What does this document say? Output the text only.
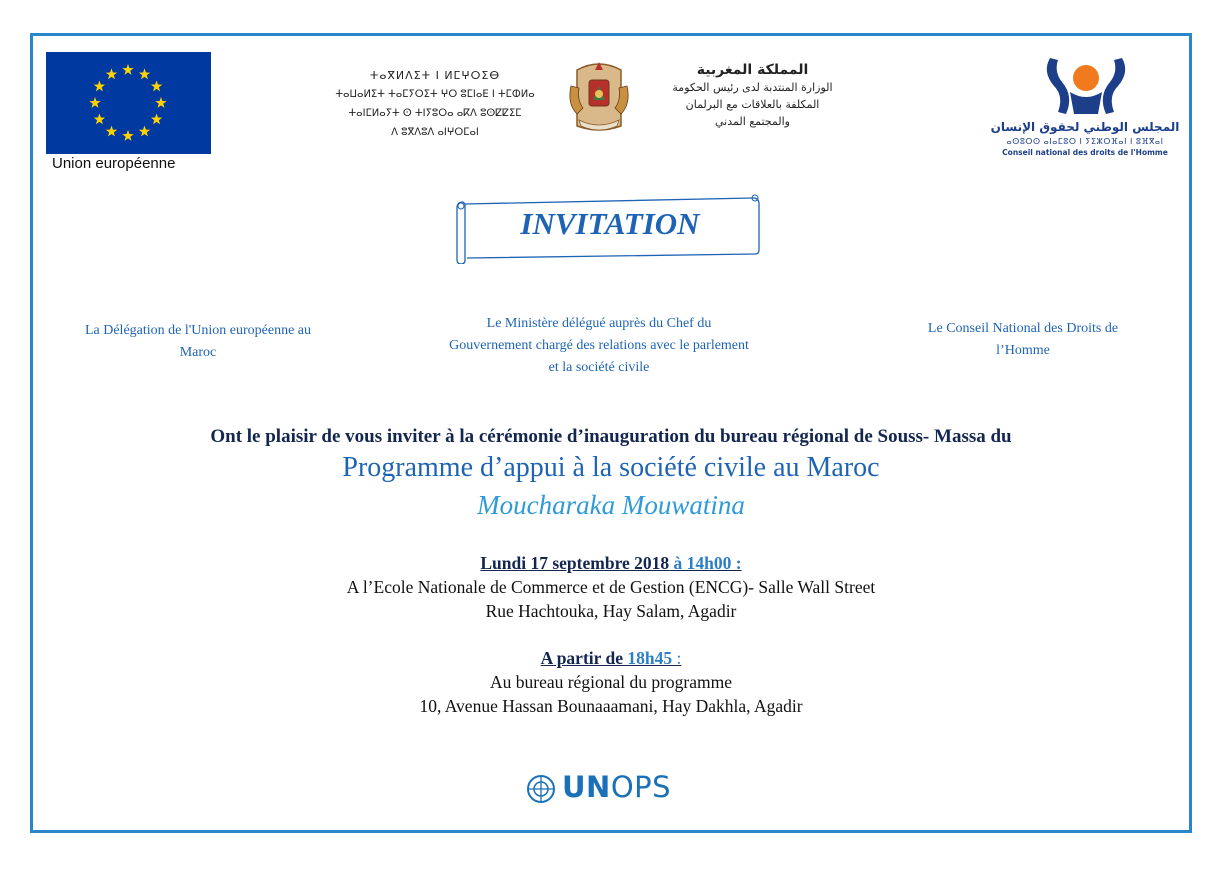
Union européenne
ⵜⴰⴳⵍⴷⵉⵜ ⵏ ⵍⵎⵖⵔⵉⴱ
ⵜⴰⵡⴰⵍⵉⵜ ⵜⴰⵎⵢⵔⵉⵜ ⵖⵔ ⵓⵎⵏⴰⴹ ⵏ ⵜⵎⵀⵍⴰ
ⵜⴰⵏⵎⵍⴰⵢⵜ ⵙ ⵜⵏⵢⵓⵔⴰ ⴰⴽⴷ ⵓⵙⵇⵇⵉⵎ
ⴷ ⵓⴳⴷⵓⴷ ⴰⵏⵖⵔⵎⴰⵏ
المملكة المغربية
الوزارة المنتدبة لدى رئيس الحكومة
المكلفة بالعلاقات مع البرلمان
والمجتمع المدني	المجلس الوطني لحقوق الإنسان
ⴰⵙⵓⵔⵙ ⴰⵏⴰⵎⵓⵔ ⵏ ⵢⵉⵣⵔⴼⴰⵏ ⵏ ⵓⴼⴳⴰⵏ
Conseil national des droits de l'Homme
INVITATION
La Délégation de l'Union européenne au
Maroc
Le Ministère délégué auprès du Chef du
Gouvernement chargé des relations avec le parlement
et la société civile
Le Conseil National des Droits de
l’Homme
Ont le plaisir de vous inviter à la cérémonie d’inauguration du bureau régional de Souss- Massa du
Programme d’appui à la société civile au Maroc
Moucharaka Mouwatina
Lundi 17 septembre 2018 à 14h00 :
A l’Ecole Nationale de Commerce et de Gestion (ENCG)- Salle Wall Street
Rue Hachtouka, Hay Salam, Agadir
A partir de 18h45 :
Au bureau régional du programme
10, Avenue Hassan Bounaaamani, Hay Dakhla, Agadir
UNOPS
